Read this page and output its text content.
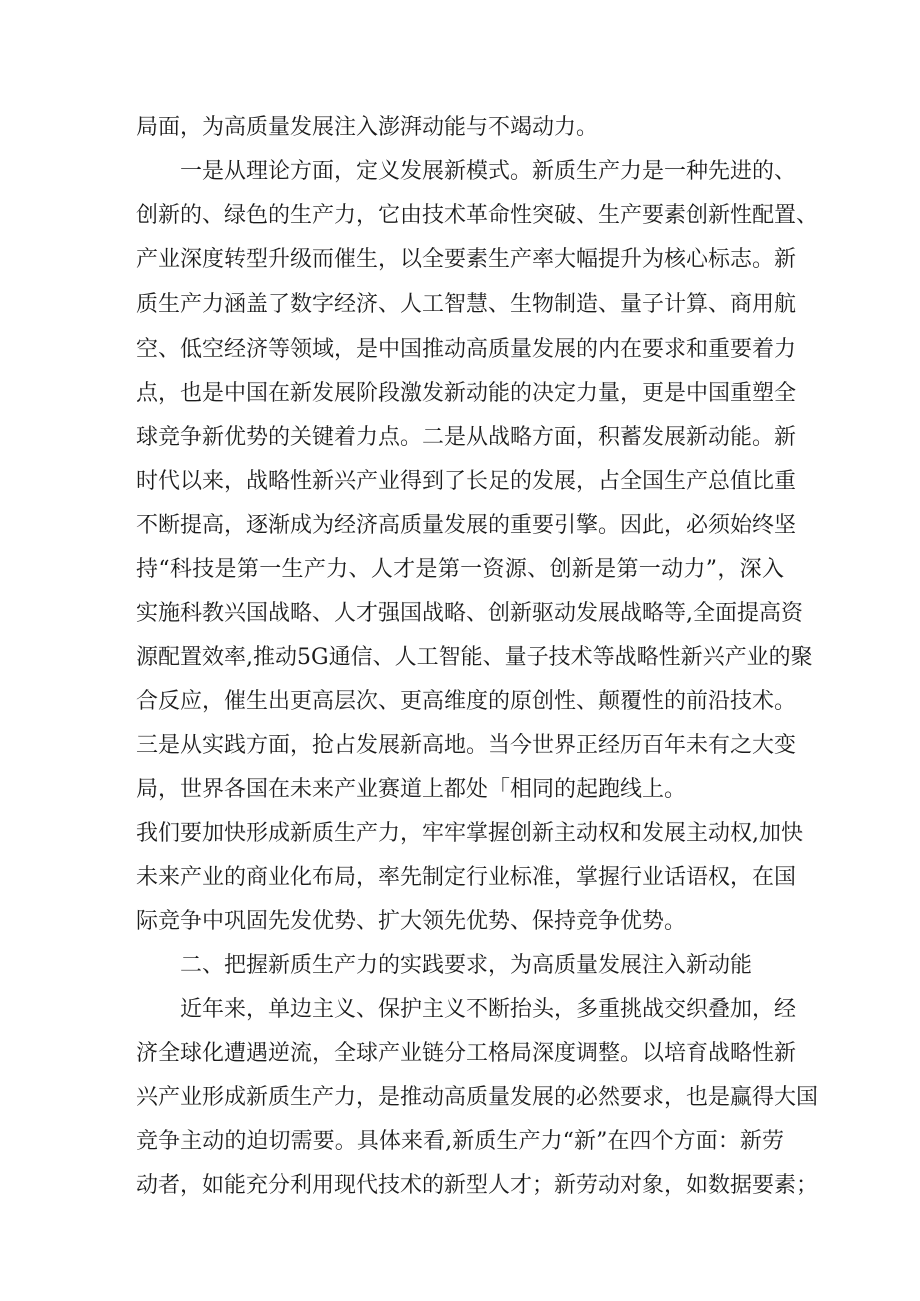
局面，为高质量发展注入澎湃动能与不竭动力。

一是从理论方面，定义发展新模式。新质生产力是一种先进的、

创新的、绿色的生产力，它由技术革命性突破、生产要素创新性配置、

产业深度转型升级而催生，以全要素生产率大幅提升为核心标志。新

质生产力涵盖了数字经济、人工智慧、生物制造、量子计算、商用航

空、低空经济等领域，是中国推动高质量发展的内在要求和重要着力

点，也是中国在新发展阶段激发新动能的决定力量，更是中国重塑全

球竞争新优势的关键着力点。二是从战略方面，积蓄发展新动能。新

时代以来，战略性新兴产业得到了长足的发展，占全国生产总值比重

不断提高，逐渐成为经济高质量发展的重要引擎。因此，必须始终坚

持“科技是第一生产力、人才是第一资源、创新是第一动力”，深入

实施科教兴国战略、人才强国战略、创新驱动发展战略等,全面提高资

源配置效率,推动5G通信、人工智能、量子技术等战略性新兴产业的聚

合反应，催生出更高层次、更高维度的原创性、颠覆性的前沿技术。

三是从实践方面，抢占发展新高地。当今世界正经历百年未有之大变

局，世界各国在未来产业赛道上都处「相同的起跑线上。

我们要加快形成新质生产力，牢牢掌握创新主动权和发展主动权,加快

未来产业的商业化布局，率先制定行业标准，掌握行业话语权，在国

际竞争中巩固先发优势、扩大领先优势、保持竞争优势。

二、把握新质生产力的实践要求，为高质量发展注入新动能

近年来，单边主义、保护主义不断抬头，多重挑战交织叠加，经

济全球化遭遇逆流，全球产业链分工格局深度调整。以培育战略性新

兴产业形成新质生产力，是推动高质量发展的必然要求，也是赢得大国

竞争主动的迫切需要。具体来看,新质生产力“新”在四个方面：新劳

动者，如能充分利用现代技术的新型人才；新劳动对象，如数据要素；
